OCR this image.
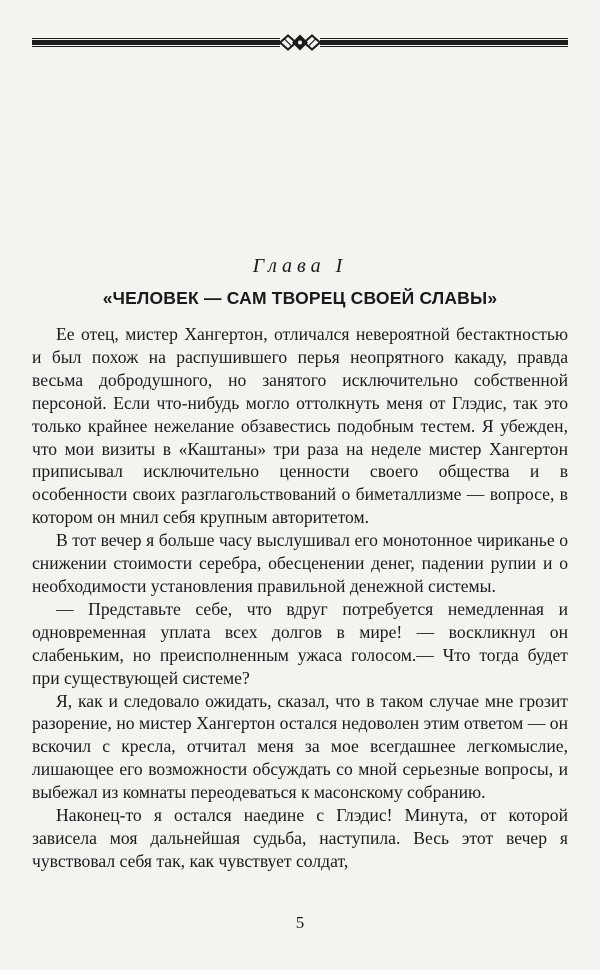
Глава I
«ЧЕЛОВЕК — САМ ТВОРЕЦ СВОЕЙ СЛАВЫ»

Ее отец, мистер Хангертон, отличался невероятной бестактностью и был похож на распушившего перья неопрятного какаду, правда весьма добродушного, но занятого исключительно собственной персоной. Если что-нибудь могло оттолкнуть меня от Глэдис, так это только крайнее нежелание обзавестись подобным тестем. Я убежден, что мои визиты в «Каштаны» три раза на неделе мистер Хангертон приписывал исключительно ценности своего общества и в особенности своих разглагольствований о биметаллизме — вопросе, в котором он мнил себя крупным авторитетом.

В тот вечер я больше часу выслушивал его монотонное чириканье о снижении стоимости серебра, обесценении денег, падении рупии и о необходимости установления правильной денежной системы.

— Представьте себе, что вдруг потребуется немедленная и одновременная уплата всех долгов в мире! — воскликнул он слабеньким, но преисполненным ужаса голосом.— Что тогда будет при существующей системе?

Я, как и следовало ожидать, сказал, что в таком случае мне грозит разорение, но мистер Хангертон остался недоволен этим ответом — он вскочил с кресла, отчитал меня за мое всегдашнее легкомыслие, лишающее его возможности обсуждать со мной серьезные вопросы, и выбежал из комнаты переодеваться к масонскому собранию.

Наконец-то я остался наедине с Глэдис! Минута, от которой зависела моя дальнейшая судьба, наступила. Весь этот вечер я чувствовал себя так, как чувствует солдат,

5
